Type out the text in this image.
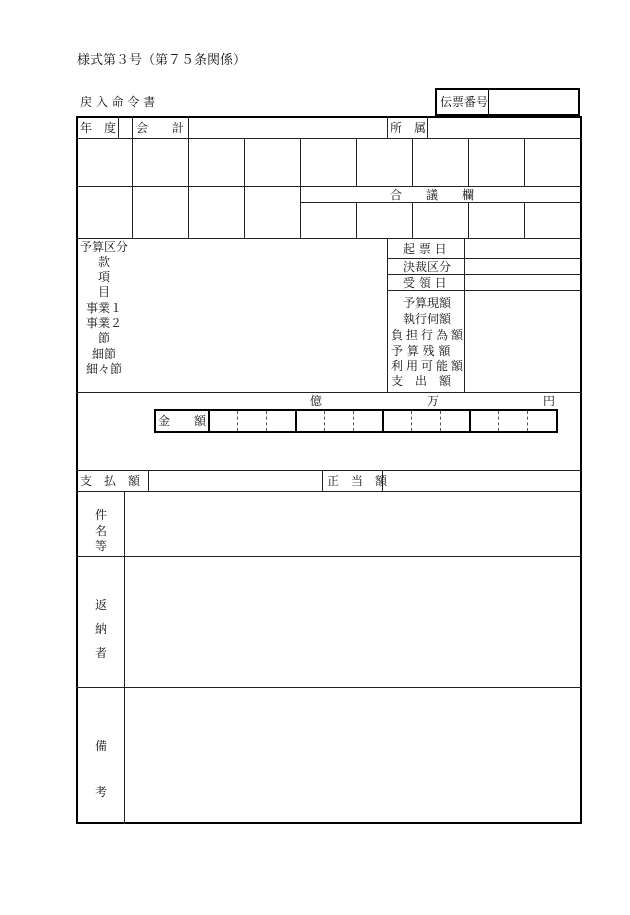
様式第３号（第７５条関係）
戻 入 命 令 書	伝票番号
年　度 会　　計	所　属
合　　議　　欄
予算区分
款
項
目
事業１
事業２
節
細節
細々節
起 票 日
決裁区分
受 領 日
予算現額
執行伺額
負担行為額
予 算 残 額
利用可能額
支　出　額
億	万	円
金　　額
支　払　額	正　当　額
件名等
返納者
備考
